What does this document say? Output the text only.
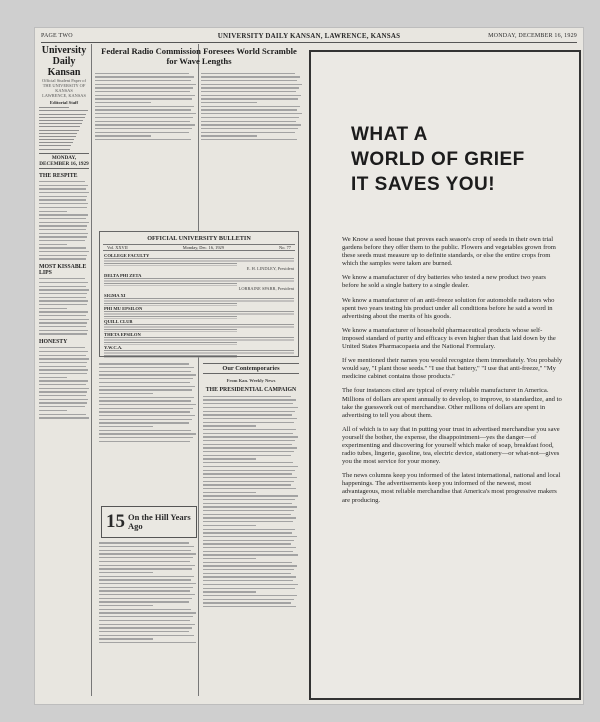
PAGE TWO	UNIVERSITY DAILY KANSAN, LAWRENCE, KANSAS	MONDAY, DECEMBER 16, 1929
University Daily Kansan
Official Student Paper of
THE UNIVERSITY OF KANSAS
LAWRENCE, KANSAS
Editorial Staff
MONDAY, DECEMBER 16, 1929
THE RESPITE
MOST KISSABLE LIPS
HONESTY
Federal Radio Commission Foresees World Scramble for Wave Lengths
OFFICIAL UNIVERSITY BULLETIN
Vol. XXVII	Monday, Dec. 16, 1929	No. 77
COLLEGE FACULTY
E. H. LINDLEY, President
DELTA PHI ZETA
LORRAINE SPARR, President
SIGMA XI
PHI MU EPSILON
QUILL CLUB
THETA EPSILON
Y.W.C.A.
Our Contemporaries
From Kan. Weekly News
THE PRESIDENTIAL CAMPAIGN
15 On the Hill Years Ago
WHAT A
WORLD OF GRIEF
IT SAVES YOU!

We Know a seed house that proves each season's crop of seeds in their own trial gardens before they offer them to the public. Flowers and vegetables grown from these seeds must measure up to definite standards, or else the entire crops from which the samples were taken are burned.

We know a manufacturer of dry batteries who tested a new product two years before he sold a single battery to a single dealer.

We know a manufacturer of an anti-freeze solution for automobile radiators who spent two years testing his product under all conditions before he said a word in advertising about the merits of his goods.

We know a manufacturer of household pharmaceutical products whose self-imposed standard of purity and efficacy is even higher than that laid down by the United States Pharmacopaeia and the National Formulary.

If we mentioned their names you would recognize them immediately. You probably would say, "I plant those seeds." "I use that battery," "I use that anti-freeze," "My medicine cabinet contains those products."

The four instances cited are typical of every reliable manufacturer in America. Millions of dollars are spent annually to develop, to improve, to standardize, and to take the guesswork out of merchandise. Other millions of dollars are spent in advertising to tell you about them.

All of which is to say that in putting your trust in advertised merchandise you save yourself the bother, the expense, the disappointment—yes the danger—of experimenting and discovering for yourself which make of soap, breakfast food, radio tubes, lingerie, gasoline, tea, electric device, stationery—or what-not—gives you the most service for your money.

The news columns keep you informed of the latest international, national and local happenings. The advertisements keep you informed of the newest, most advantageous, most reliable merchandise that America's most progressive makers are producing.
